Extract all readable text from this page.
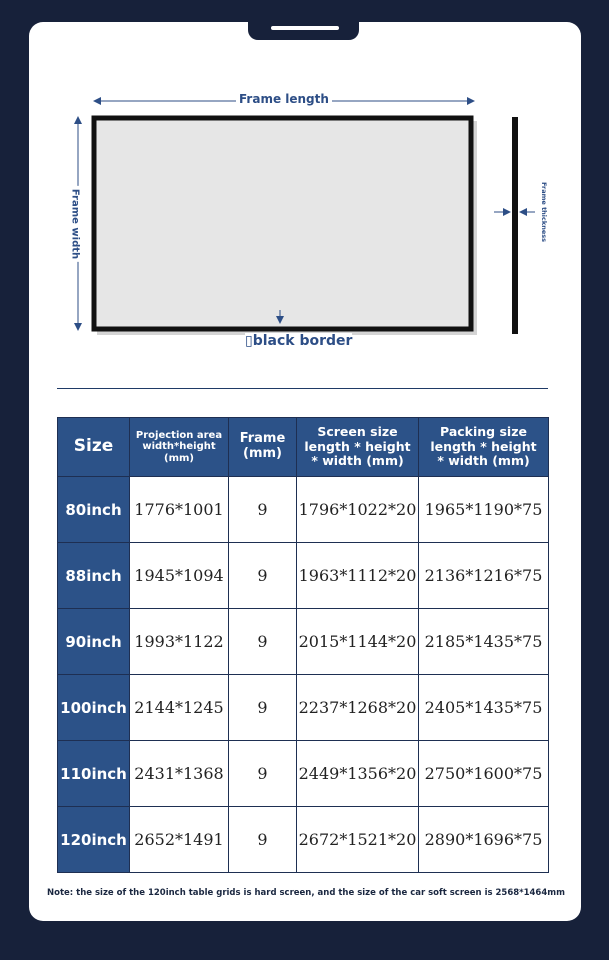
Frame length
Frame width	Frame thickness
▯black border
Size	Projection area
width*height
(mm)	Frame
(mm)	Screen size
length * height
* width (mm)	Packing size
length * height
* width (mm)
80inch	1776*1001	9	1796*1022*20	1965*1190*75
88inch	1945*1094	9	1963*1112*20	2136*1216*75
90inch	1993*1122	9	2015*1144*20	2185*1435*75
100inch	2144*1245	9	2237*1268*20	2405*1435*75
110inch	2431*1368	9	2449*1356*20	2750*1600*75
120inch	2652*1491	9	2672*1521*20	2890*1696*75
Note: the size of the 120inch table grids is hard screen, and the size of the car soft screen is 2568*1464mm
